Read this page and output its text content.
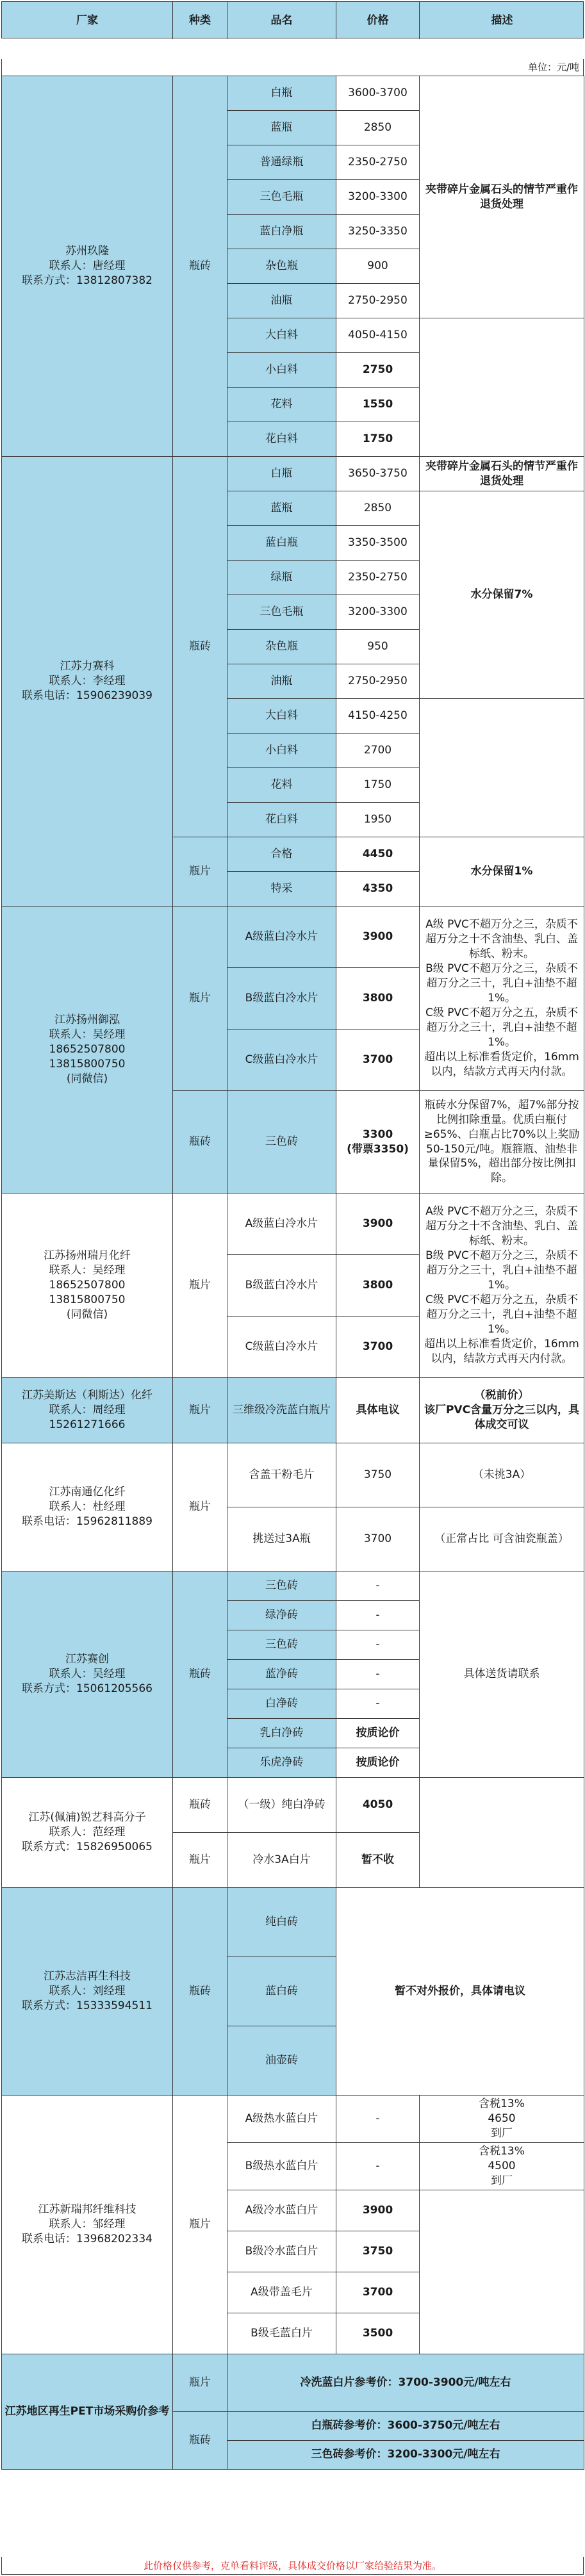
厂家	种类	品名	价格	描述
单位：元/吨
苏州玖隆
联系人：唐经理
联系方式：13812807382	瓶砖	白瓶	3600-3700	夹带碎片金属石头的情节严重作退货处理
		蓝瓶	2850	
		普通绿瓶	2350-2750	
		三色毛瓶	3200-3300	
		蓝白净瓶	3250-3350	
		杂色瓶	900	
		油瓶	2750-2950	
		大白料	4050-4150	
		小白料	2750	
		花料	1550	
		花白料	1750	

江苏力赛科
联系人：李经理
联系电话：15906239039	瓶砖	白瓶	3650-3750	夹带碎片金属石头的情节严重作退货处理
		蓝瓶	2850	水分保留7%
		蓝白瓶	3350-3500	
		绿瓶	2350-2750	
		三色毛瓶	3200-3300	
		杂色瓶	950	
		油瓶	2750-2950	
		大白料	4150-4250	
		小白料	2700	
		花料	1750	
		花白料	1950	
	瓶片	合格	4450	水分保留1%
		特采	4350	

江苏扬州御泓
联系人：吴经理
18652507800
13815800750
(同微信)	瓶片	A级蓝白冷水片	3900	A级 PVC不超万分之三，杂质不超万分之十不含油垫、乳白、盖标纸、粉末。
B级 PVC不超万分之三，杂质不超万分之三十，乳白+油垫不超1%。
C级 PVC不超万分之五，杂质不超万分之三十，乳白+油垫不超1%。
超出以上标准看货定价，16mm以内，结款方式再天内付款。

		B级蓝白冷水片	3800	
		C级蓝白冷水片	3700	
	瓶砖	三色砖	3300
(带票3350)	瓶砖水分保留7%，超7%部分按比例扣除重量。优质白瓶付≥65%、白瓶占比70%以上奖励50-150元/吨。瓶箍瓶、油垫非量保留5%，超出部分按比例扣除。

江苏扬州瑞月化纤
联系人：吴经理
18652507800
13815800750
(同微信)	瓶片	A级蓝白冷水片	3900	A级 PVC不超万分之三，杂质不超万分之十不含油垫、乳白、盖标纸、粉末。
B级 PVC不超万分之三，杂质不超万分之三十，乳白+油垫不超1%。
C级 PVC不超万分之五，杂质不超万分之三十，乳白+油垫不超1%。
超出以上标准看货定价，16mm以内，结款方式再天内付款。

		B级蓝白冷水片	3800	
		C级蓝白冷水片	3700	

江苏美斯达（利斯达）化纤
联系人：周经理
15261271666	瓶片	三维级冷洗蓝白瓶片	具体电议	（税前价）
该厂PVC含量万分之三以内，具体成交可议

江苏南通亿化纤
联系人：杜经理
联系电话：15962811889	瓶片	含盖干粉毛片	3750	（未挑3A）
		挑送过3A瓶	3700	（正常占比 可含油瓷瓶盖）

江苏赛创
联系人：吴经理
联系方式：15061205566	瓶砖	三色砖	-	具体送货请联系
		绿净砖	-	
		三色砖	-	
		蓝净砖	-	
		白净砖	-	
		乳白净砖	按质论价	
		乐虎净砖	按质论价	

江苏(佩浦)锐艺科高分子
联系人：范经理
联系方式：15826950065	瓶砖	（一级）纯白净砖	4050	
	瓶片	冷水3A白片	暂不收	

江苏志洁再生科技
联系人：刘经理
联系方式：15333594511	瓶砖	纯白砖	暂不对外报价，具体请电议	
		蓝白砖		
		油壶砖		

江苏新瑞邦纤维科技
联系人：邹经理
联系电话：13968202334	瓶片	A级热水蓝白片	-	含税13%
4650
到厂

		B级热水蓝白片	-	含税13%
4500
到厂

		A级冷水蓝白片	3900	
		B级冷水蓝白片	3750	
		A级带盖毛片	3700	
		B级毛蓝白片	3500	
江苏地区再生PET市场采购价参考	瓶片	冷洗蓝白片参考价：3700-3900元/吨左右		
	瓶砖	白瓶砖参考价：3600-3750元/吨左右		
		三色砖参考价：3200-3300元/吨左右		
此价格仅供参考，克单看料评级，具体成交价格以厂家给验结果为准。
